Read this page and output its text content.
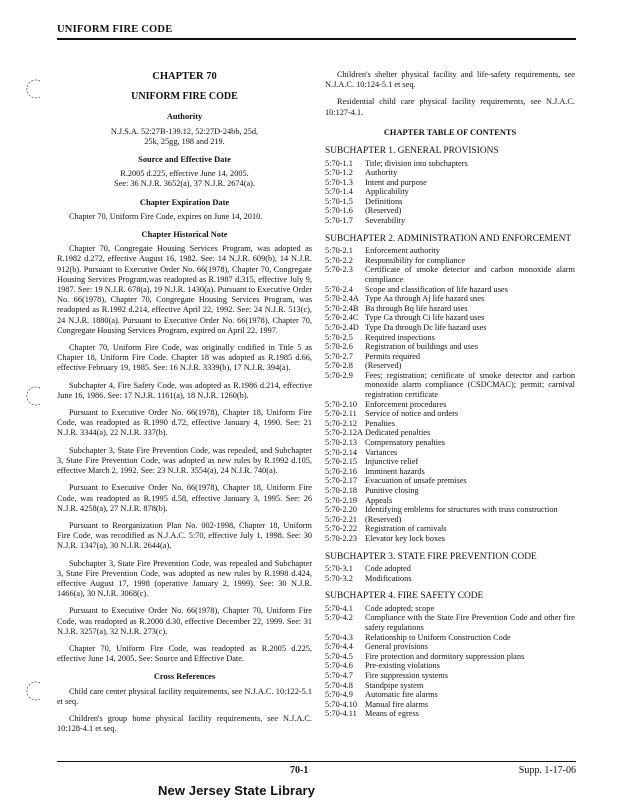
UNIFORM FIRE CODE
CHAPTER 70
UNIFORM FIRE CODE
Authority
N.J.S.A. 52:27B-139.12, 52:27D-24bb, 25d, 25k, 25gg, 198 and 219.
Source and Effective Date
R.2005 d.225, effective June 14, 2005.
See: 36 N.J.R. 3652(a), 37 N.J.R. 2674(a).
Chapter Expiration Date

Chapter 70, Uniform Fire Code, expires on June 14, 2010.

Chapter Historical Note

Chapter 70, Congregate Housing Services Program, was adopted as R.1982 d.272, effective August 16, 1982. See: 14 N.J.R. 609(b), 14 N.J.R. 912(b). Pursuant to Executive Order No. 66(1978), Chapter 70, Congregate Housing Services Program,was readopted as R.1987 d.315, effective July 9, 1987. See: 19 N.J.R. 678(a), 19 N.J.R. 1430(a). Pursuant to Executive Order No. 66(1978), Chapter 70, Congregate Housing Services Program, was readopted as R.1992 d.214, effective April 22, 1992. See: 24 N.J.R. 513(c), 24 N.J.R. 1880(a). Pursuant to Executive Order No. 66(1978), Chapter 70, Congregate Housing Services Program, expired on April 22, 1997.

Chapter 70, Uniform Fire Code, was originally codified in Title 5 as Chapter 18, Uniform Fire Code. Chapter 18 was adopted as R.1985 d.66, effective February 19, 1985. See: 16 N.J.R. 3339(b), 17 N.J.R. 394(a).

Subchapter 4, Fire Safety Code, was adopted as R.1986 d.214, effective June 16, 1986. See: 17 N.J.R. 1161(a), 18 N.J.R. 1260(b).

Pursuant to Executive Order No. 66(1978), Chapter 18, Uniform Fire Code, was readopted as R.1990 d.72, effective January 4, 1990. See: 21 N.J.R. 3344(a), 22 N.J.R. 337(b).

Subchapter 3, State Fire Prevention Code, was repealed, and Subchapter 3, State Fire Prevention Code, was adopted as new rules by R.1992 d.105, effective March 2, 1992. See: 23 N.J.R. 3554(a), 24 N.J.R. 740(a).

Pursuant to Executive Order No. 66(1978), Chapter 18, Uniform Fire Code, was readopted as R.1995 d.58, effective January 3, 1995. See: 26 N.J.R. 4258(a), 27 N.J.R. 878(b).

Pursuant to Reorganization Plan No. 002-1998, Chapter 18, Uniform Fire Code, was recodified as N.J.A.C. 5:70, effective July 1, 1998. See: 30 N.J.R. 1347(a), 30 N.J.R. 2644(a).

Subchapter 3, State Fire Prevention Code, was repealed and Subchapter 3, State Fire Prevention Code, was adopted as new rules by R.1998 d.424, effective August 17, 1998 (operative January 2, 1999). See: 30 N.J.R. 1466(a), 30 N.J.R. 3068(c).

Pursuant to Executive Order No. 66(1978), Chapter 70, Uniform Fire Code, was readopted as R.2000 d.30, effective December 22, 1999. See: 31 N.J.R. 3257(a), 32 N.J.R. 273(c).

Chapter 70, Uniform Fire Code, was readopted as R.2005 d.225, effective June 14, 2005. See: Source and Effective Date.

Cross References

Child care center physical facility requirements, see N.J.A.C. 10:122-5.1 et seq.

Children's group home physical facility requirements, see N.J.A.C. 10:128-4.1 et seq.

Children's shelter physical facility and life-safety requirements, see N.J.A.C. 10:124-5.1 et seq.

Residential child care physical facility requirements, see N.J.A.C. 10:127-4.1.

CHAPTER TABLE OF CONTENTS
SUBCHAPTER 1. GENERAL PROVISIONS
5:70-1.1	Title; division into subchapters
5:70-1.2	Authority
5:70-1.3	Intent and purpose
5:70-1.4	Applicability
5:70-1.5	Definitions
5:70-1.6	(Reserved)
5:70-1.7	Severability
SUBCHAPTER 2. ADMINISTRATION AND ENFORCEMENT
5:70-2.1	Enforcement authority
5:70-2.2	Responsibility for compliance
5:70-2.3	Certificate of smoke detector and carbon monoxide alarm compliance
5:70-2.4	Scope and classification of life hazard uses
5:70-2.4A Type Aa through Aj life hazard uses
5:70-2.4B Ba through Bq life hazard uses
5:70-2.4C Type Ca through Ci life hazard uses
5:70-2.4D Type Da through Dc life hazard uses
5:70-2.5	Required inspections
5:70-2.6	Registration of buildings and uses
5:70-2.7	Permits required
5:70-2.8	(Reserved)
5:70-2.9	Fees; registration; certificate of smoke detector and carbon monoxide alarm compliance (CSDCMAC); permit; carnival registration certificate
5:70-2.10 Enforcement procedures
5:70-2.11 Service of notice and orders
5:70-2.12 Penalties
5:70-2.12A Dedicated penalties
5:70-2.13 Compensatory penalties
5:70-2.14 Variances
5:70-2.15 Injunctive relief
5:70-2.16 Imminent hazards
5:70-2.17 Evacuation of unsafe premises
5:70-2.18 Punitive closing
5:70-2.19 Appeals
5:70-2.20 Identifying emblems for structures with truss construction
5:70-2.21 (Reserved)
5:70-2.22 Registration of carnivals
5:70-2.23 Elevator key lock boxes
SUBCHAPTER 3. STATE FIRE PREVENTION CODE
5:70-3.1	Code adopted
5:70-3.2	Modifications
SUBCHAPTER 4. FIRE SAFETY CODE
5:70-4.1	Code adopted; scope
5:70-4.2	Compliance with the State Fire Prevention Code and other fire safety regulations
5:70-4.3	Relationship to Uniform Construction Code
5:70-4.4	General provisions
5:70-4.5	Fire protection and dormitory suppression plans
5:70-4.6	Pre-existing violations
5:70-4.7	Fire suppression systems
5:70-4.8	Standpipe system
5:70-4.9	Automatic fire alarms
5:70-4.10 Manual fire alarms
5:70-4.11 Means of egress
70-1	Supp. 1-17-06
New Jersey State Library
